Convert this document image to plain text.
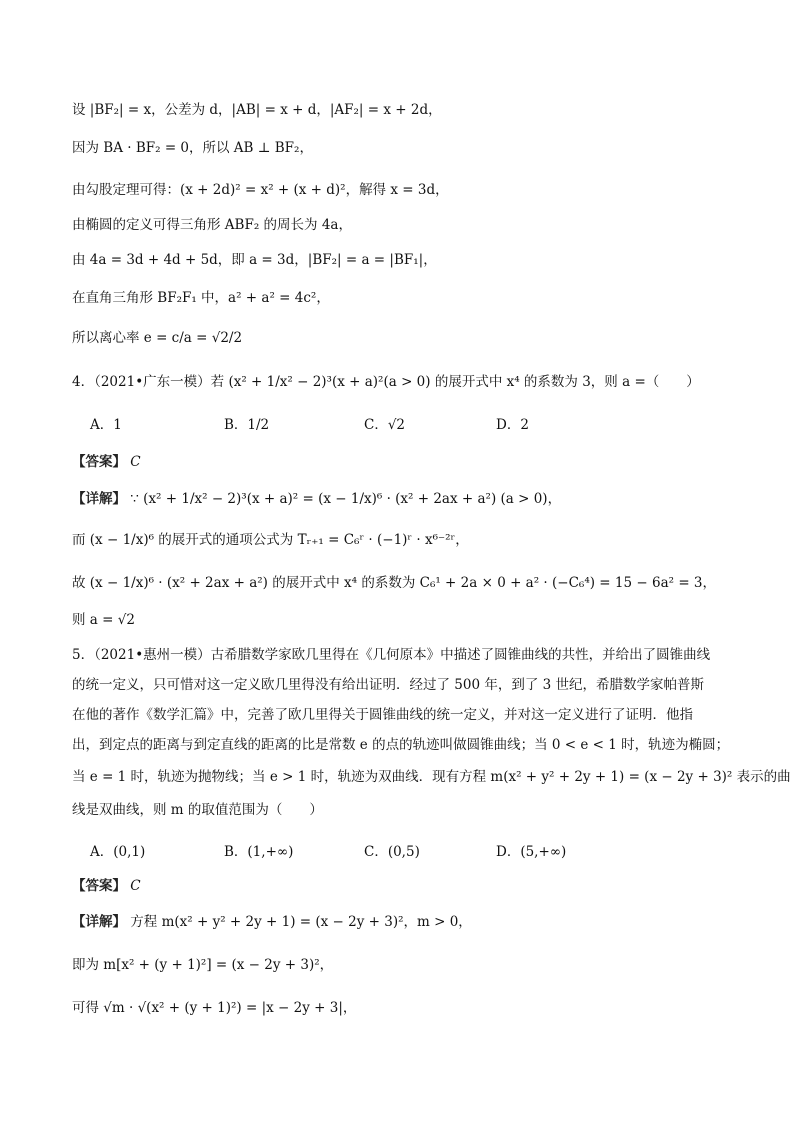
设 |BF₂| = x，公差为 d，|AB| = x + d，|AF₂| = x + 2d，
因为 BA · BF₂ = 0，所以 AB ⊥ BF₂，
由勾股定理可得：(x + 2d)² = x² + (x + d)²，解得 x = 3d，
由椭圆的定义可得三角形 ABF₂ 的周长为 4a，
由 4a = 3d + 4d + 5d，即 a = 3d，|BF₂| = a = |BF₁|，
在直角三角形 BF₂F₁ 中，a² + a² = 4c²，
所以离心率 e = c/a = √2/2
4．（2021•广东一模）若 (x² + 1/x² − 2)³(x + a)²(a > 0) 的展开式中 x⁴ 的系数为 3，则 a =（　　）
A．1	B．1/2	C．√2	D．2
【答案】 C
【详解】 ∵ (x² + 1/x² − 2)³(x + a)² = (x − 1/x)⁶ · (x² + 2ax + a²) (a > 0)，
而 (x − 1/x)⁶ 的展开式的通项公式为 Tᵣ₊₁ = C₆ʳ · (−1)ʳ · x⁶⁻²ʳ，
故 (x − 1/x)⁶ · (x² + 2ax + a²) 的展开式中 x⁴ 的系数为 C₆¹ + 2a × 0 + a² · (−C₆⁴) = 15 − 6a² = 3，
则 a = √2
5．（2021•惠州一模）古希腊数学家欧几里得在《几何原本》中描述了圆锥曲线的共性，并给出了圆锥曲线
的统一定义，只可惜对这一定义欧几里得没有给出证明．经过了 500 年，到了 3 世纪，希腊数学家帕普斯
在他的著作《数学汇篇》中，完善了欧几里得关于圆锥曲线的统一定义，并对这一定义进行了证明．他指
出，到定点的距离与到定直线的距离的比是常数 e 的点的轨迹叫做圆锥曲线；当 0 < e < 1 时，轨迹为椭圆；
当 e = 1 时，轨迹为抛物线；当 e > 1 时，轨迹为双曲线．现有方程 m(x² + y² + 2y + 1) = (x − 2y + 3)² 表示的曲
线是双曲线，则 m 的取值范围为（　　）
A．(0,1)	B．(1,+∞)	C．(0,5)	D．(5,+∞)
【答案】 C
【详解】 方程 m(x² + y² + 2y + 1) = (x − 2y + 3)²，m > 0，
即为 m[x² + (y + 1)²] = (x − 2y + 3)²，
可得 √m · √(x² + (y + 1)²) = |x − 2y + 3|，
